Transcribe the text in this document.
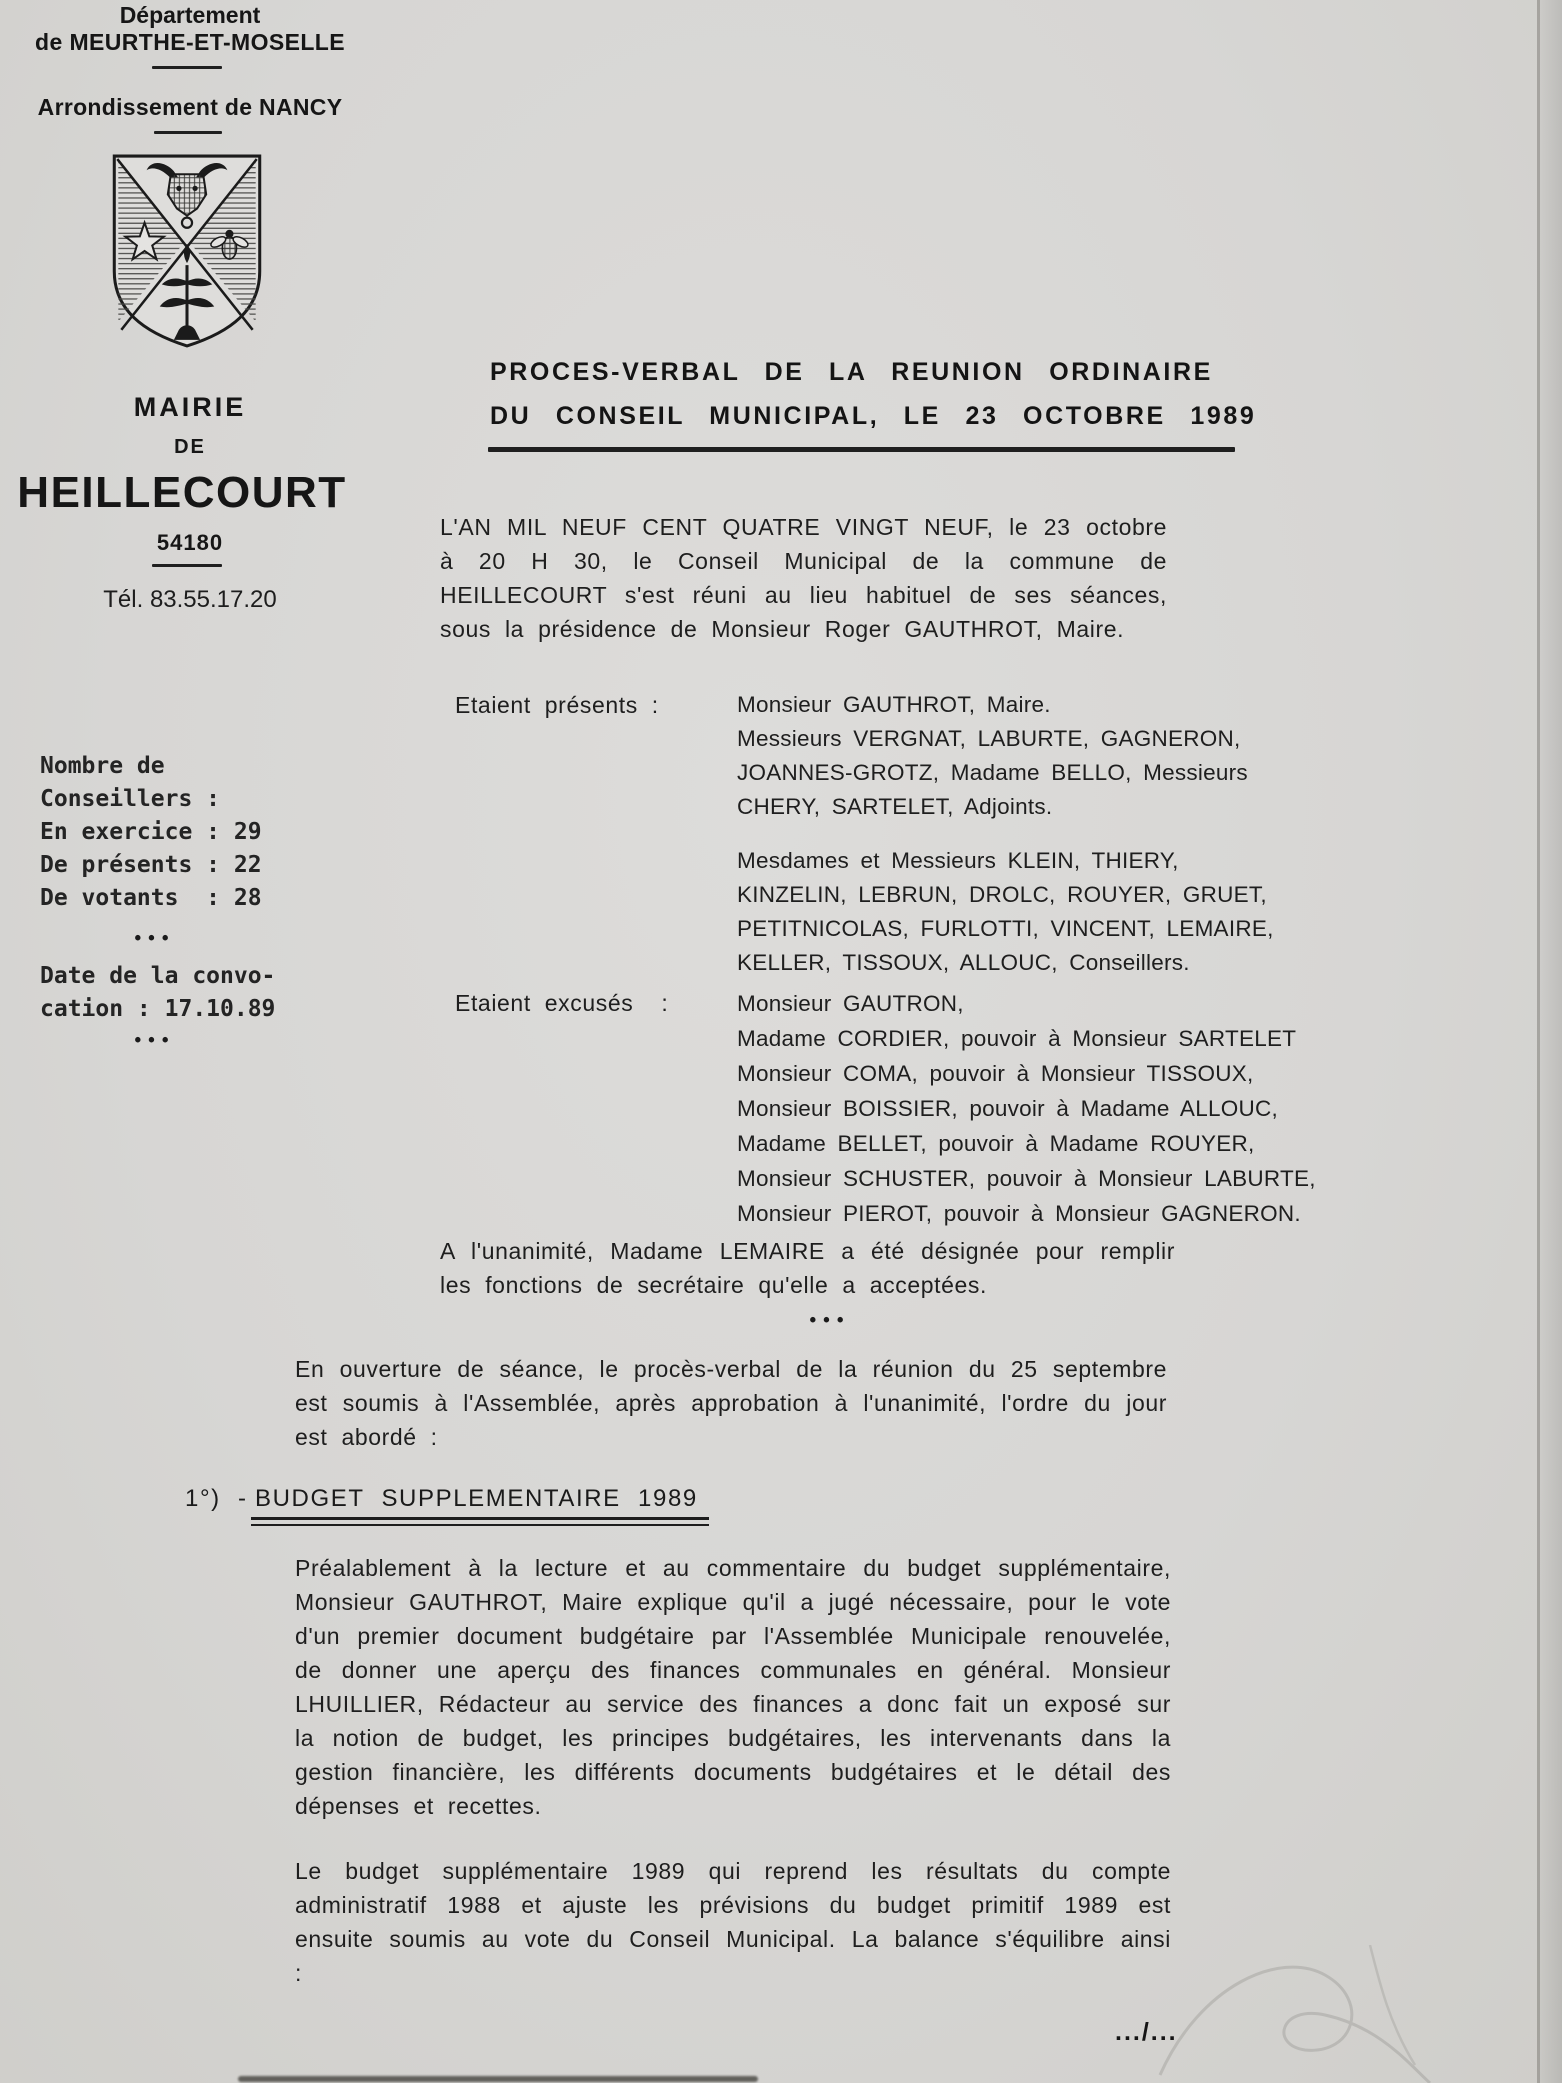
Département
de MEURTHE-ET-MOSELLE
Arrondissement de NANCY
MAIRIE
DE
HEILLECOURT
54180
Tél. 83.55.17.20
Nombre de
Conseillers :
En exercice : 29
De présents : 22
De votants  : 28
•••
Date de la convo-
cation : 17.10.89
•••
PROCES-VERBAL DE LA REUNION ORDINAIRE
DU CONSEIL MUNICIPAL, LE 23 OCTOBRE 1989
L'AN MIL NEUF CENT QUATRE VINGT NEUF, le 23 octobre à 20 H 30, le Conseil Municipal de la commune de HEILLECOURT s'est réuni au lieu habituel de ses séances, sous la présidence de Monsieur Roger GAUTHROT, Maire.
Etaient présents :	Monsieur GAUTHROT, Maire.
Messieurs VERGNAT, LABURTE, GAGNERON,
JOANNES-GROTZ, Madame BELLO, Messieurs
CHERY, SARTELET, Adjoints.
Mesdames et Messieurs KLEIN, THIERY,
KINZELIN, LEBRUN, DROLC, ROUYER, GRUET,
PETITNICOLAS, FURLOTTI, VINCENT, LEMAIRE,
KELLER, TISSOUX, ALLOUC, Conseillers.
Etaient excusés  : Monsieur GAUTRON,
Madame CORDIER, pouvoir à Monsieur SARTELET
Monsieur COMA, pouvoir à Monsieur TISSOUX,
Monsieur BOISSIER, pouvoir à Madame ALLOUC,
Madame BELLET, pouvoir à Madame ROUYER,
Monsieur SCHUSTER, pouvoir à Monsieur LABURTE,
Monsieur PIEROT, pouvoir à Monsieur GAGNERON.
A l'unanimité, Madame LEMAIRE a été désignée pour remplir les fonctions de secrétaire qu'elle a acceptées.
•••
En ouverture de séance, le procès-verbal de la réunion du 25 septembre est soumis à l'Assemblée, après approbation à l'unanimité, l'ordre du jour est abordé :
1°) - BUDGET SUPPLEMENTAIRE 1989
Préalablement à la lecture et au commentaire du budget supplémentaire, Monsieur GAUTHROT, Maire explique qu'il a jugé nécessaire, pour le vote d'un premier document budgétaire par l'Assemblée Municipale renouvelée, de donner une aperçu des finances communales en général. Monsieur LHUILLIER, Rédacteur au service des finances a donc fait un exposé sur la notion de budget, les principes budgétaires, les intervenants dans la gestion financière, les différents documents budgétaires et le détail des dépenses et recettes.
Le budget supplémentaire 1989 qui reprend les résultats du compte administratif 1988 et ajuste les prévisions du budget primitif 1989 est ensuite soumis au vote du Conseil Municipal. La balance s'équilibre ainsi :
.../...
